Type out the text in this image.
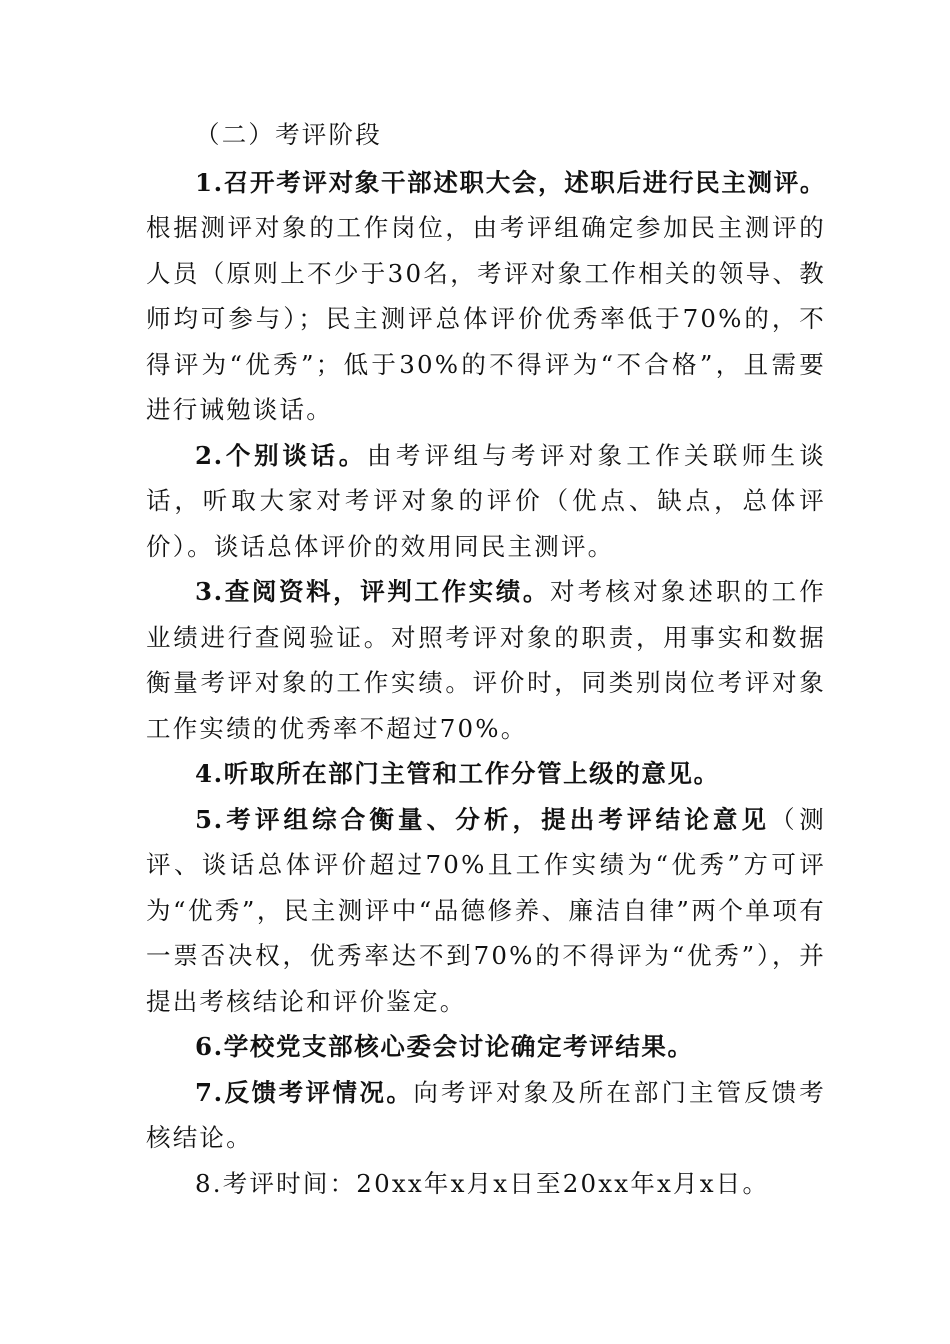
（二）考评阶段

1.召开考评对象干部述职大会，述职后进行民主测评。根据测评对象的工作岗位，由考评组确定参加民主测评的人员（原则上不少于30名，考评对象工作相关的领导、教师均可参与）；民主测评总体评价优秀率低于70%的，不得评为“优秀”；低于30%的不得评为“不合格”，且需要进行诫勉谈话。

2.个别谈话。由考评组与考评对象工作关联师生谈话，听取大家对考评对象的评价（优点、缺点，总体评价）。谈话总体评价的效用同民主测评。

3.查阅资料，评判工作实绩。对考核对象述职的工作业绩进行查阅验证。对照考评对象的职责，用事实和数据衡量考评对象的工作实绩。评价时，同类别岗位考评对象工作实绩的优秀率不超过70%。

4.听取所在部门主管和工作分管上级的意见。

5.考评组综合衡量、分析，提出考评结论意见（测评、谈话总体评价超过70%且工作实绩为“优秀”方可评为“优秀”，民主测评中“品德修养、廉洁自律”两个单项有一票否决权，优秀率达不到70%的不得评为“优秀”），并提出考核结论和评价鉴定。

6.学校党支部核心委会讨论确定考评结果。

7.反馈考评情况。向考评对象及所在部门主管反馈考核结论。

8.考评时间：20xx年x月x日至20xx年x月x日。
